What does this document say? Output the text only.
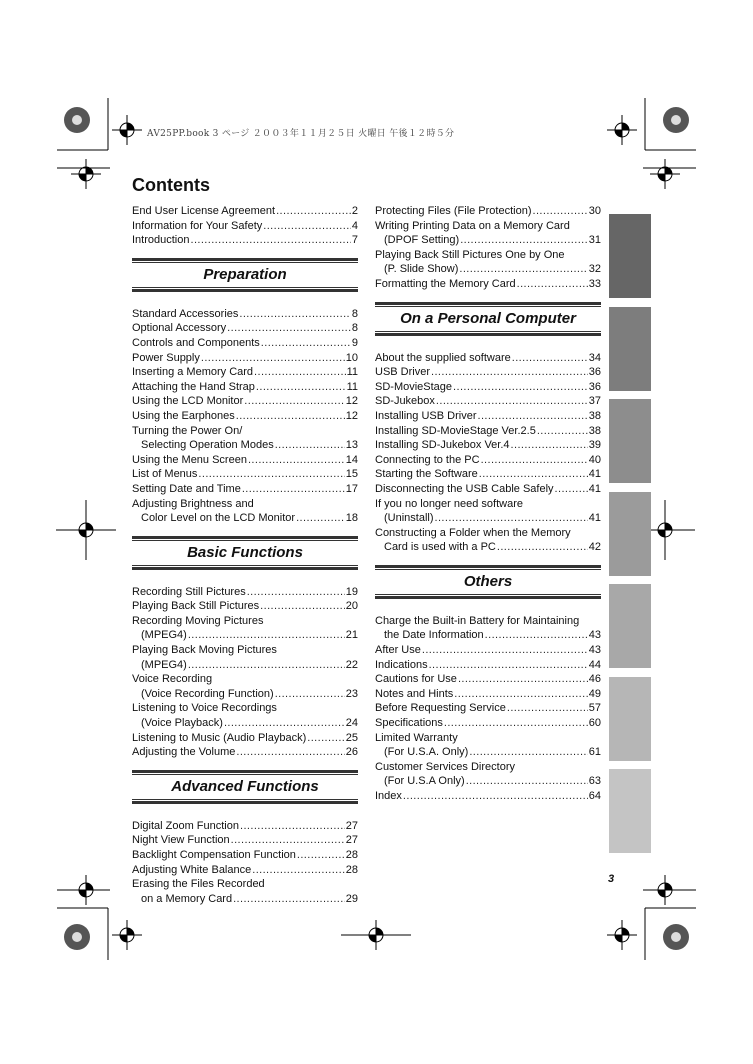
AV25PP.book 3 ページ ２００３年１１月２５日 火曜日 午後１２時５分
Contents
End User License Agreement .....	2
Information for Your Safety .....	4
Introduction .....	7
Preparation
Standard Accessories .....	8
Optional Accessory .....	8
Controls and Components .....	9
Power Supply .....	10
Inserting a Memory Card .....	11
Attaching the Hand Strap .....	11
Using the LCD Monitor .....	12
Using the Earphones .....	12
Turning the Power On/
Selecting Operation Modes .....	13
Using the Menu Screen .....	14
List of Menus .....	15
Setting Date and Time .....	17
Adjusting Brightness and
Color Level on the LCD Monitor .....	18
Basic Functions
Recording Still Pictures .....	19
Playing Back Still Pictures .....	20
Recording Moving Pictures
(MPEG4) .....	21
Playing Back Moving Pictures
(MPEG4) .....	22
Voice Recording
(Voice Recording Function) .....	23
Listening to Voice Recordings
(Voice Playback) .....	24
Listening to Music (Audio Playback) .....	25
Adjusting the Volume .....	26
Advanced Functions
Digital Zoom Function .....	27
Night View Function .....	27
Backlight Compensation Function .....	28
Adjusting White Balance .....	28
Erasing the Files Recorded
on a Memory Card .....	29
Protecting Files (File Protection) .....	30
Writing Printing Data on a Memory Card
(DPOF Setting) .....	31
Playing Back Still Pictures One by One
(P. Slide Show) .....	32
Formatting the Memory Card .....	33
On a Personal Computer
About the supplied software .....	34
USB Driver .....	36
SD-MovieStage .....	36
SD-Jukebox .....	37
Installing USB Driver .....	38
Installing SD-MovieStage Ver.2.5 .....	38
Installing SD-Jukebox Ver.4 .....	39
Connecting to the PC .....	40
Starting the Software .....	41
Disconnecting the USB Cable Safely .....	41
If you no longer need software
(Uninstall) .....	41
Constructing a Folder when the Memory
Card is used with a PC .....	42
Others
Charge the Built-in Battery for Maintaining
the Date Information .....	43
After Use .....	43
Indications .....	44
Cautions for Use .....	46
Notes and Hints .....	49
Before Requesting Service .....	57
Specifications .....	60
Limited Warranty
(For U.S.A. Only) .....	61
Customer Services Directory
(For U.S.A Only) .....	63
Index .....	64
3
